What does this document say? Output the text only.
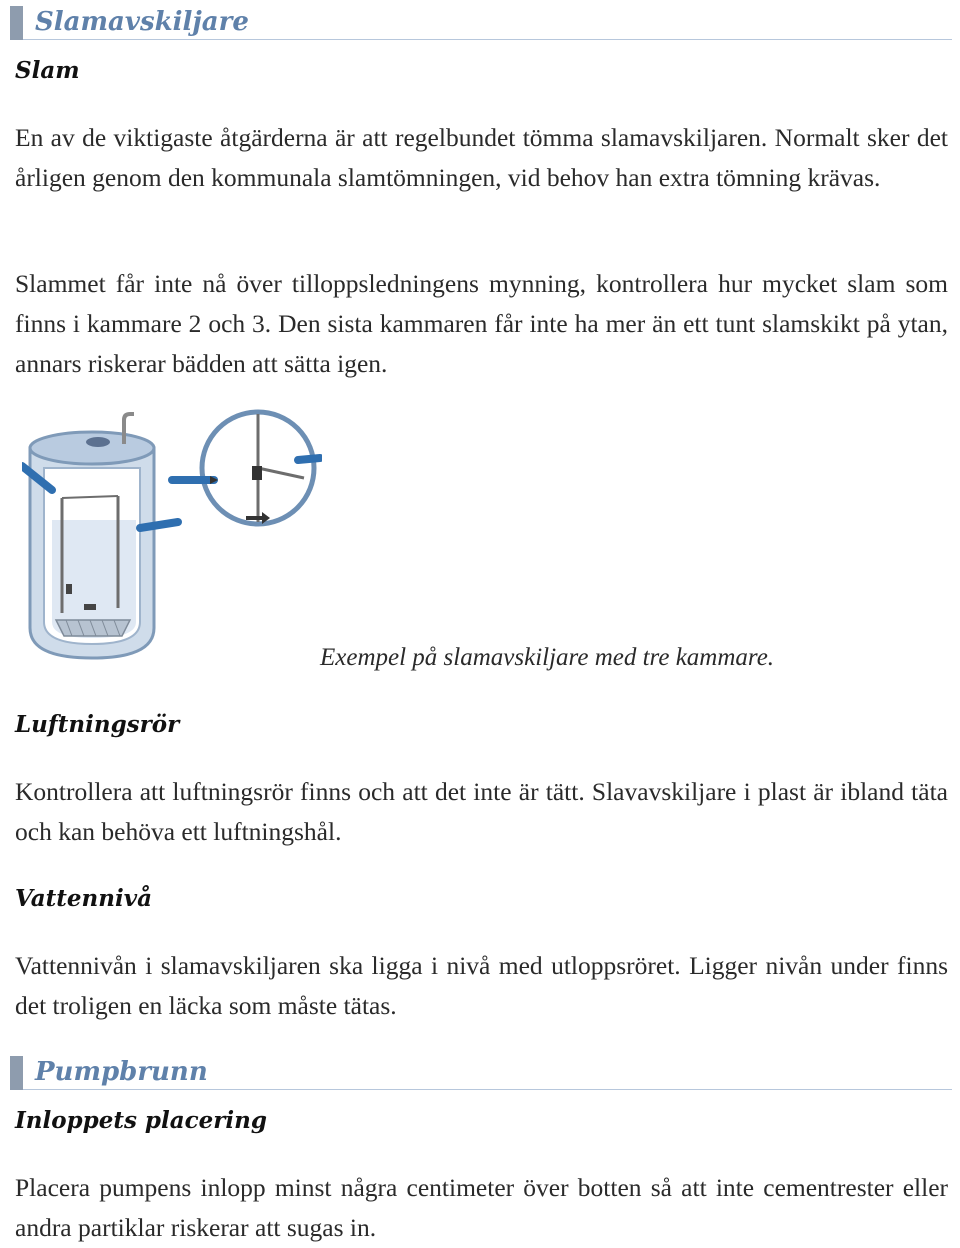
Slamavskiljare
Slam

En av de viktigaste åtgärderna är att regelbundet tömma slamavskiljaren. Normalt sker det årligen genom den kommunala slamtömningen, vid behov han extra tömning krävas.

Slammet får inte nå över tilloppsledningens mynning, kontrollera hur mycket slam som finns i kammare 2 och 3. Den sista kammaren får inte ha mer än ett tunt slamskikt på ytan, annars riskerar bädden att sätta igen.

Exempel på slamavskiljare med tre kammare.
Luftningsrör

Kontrollera att luftningsrör finns och att det inte är tätt. Slavavskiljare i plast är ibland täta och kan behöva ett luftningshål.

Vattennivå

Vattennivån i slamavskiljaren ska ligga i nivå med utloppsröret. Ligger nivån under finns det troligen en läcka som måste tätas.

Pumpbrunn
Inloppets placering

Placera pumpens inlopp minst några centimeter över botten så att inte cementrester eller andra partiklar riskerar att sugas in.
